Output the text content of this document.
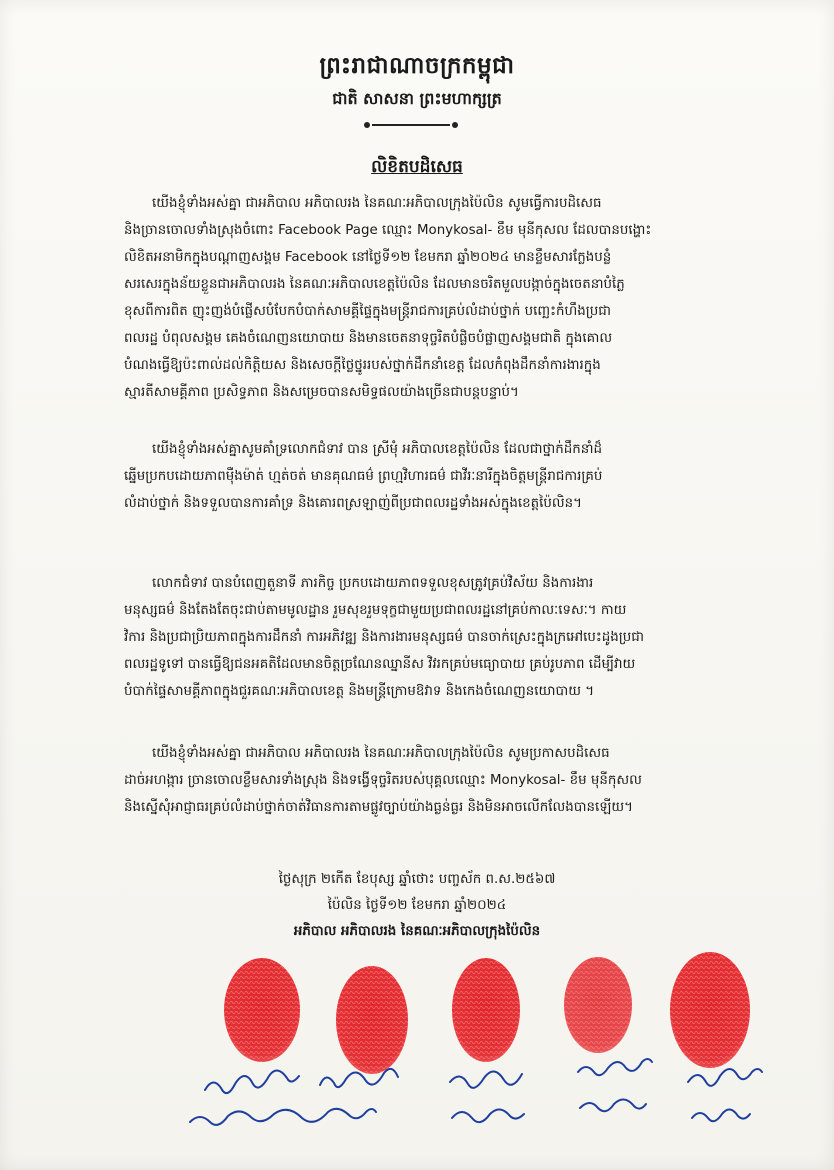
ព្រះរាជាណាចក្រកម្ពុជា
ជាតិ សាសនា ព្រះមហាក្សត្រ
លិខិតបដិសេធ
យើងខ្ញុំទាំងអស់គ្នា ជាអភិបាល អភិបាលរង នៃគណៈអភិបាលក្រុងប៉ៃលិន សូមធ្វើការបដិសេធ
និងច្រានចោលទាំងស្រុងចំពោះ Facebook Page ឈ្មោះ Monykosal- ខឹម មុនីកុសល ដែលបានបង្ហោះ
លិខិតអនាមិកក្នុងបណ្តាញសង្គម Facebook នៅថ្ងៃទី១២ ខែមករា ឆ្នាំ២០២៤ មានខ្លឹមសារក្លែងបន្លំ
សរសេរក្នុងន័យខ្លួនជាអភិបាលរង នៃគណៈអភិបាលខេត្តប៉ៃលិន ដែលមានចរិតមួលបង្កាច់ក្នុងចេតនាបំភ្លៃ
ខុសពីការពិត ញុះញង់បំផ្លើសបំបែកបំបាក់សាមគ្គីផ្ទៃក្នុងមន្ត្រីរាជការគ្រប់លំដាប់ថ្នាក់ បញ្ឆេះកំហឹងប្រជា
ពលរដ្ឋ បំពុលសង្គម គេងចំណេញនយោបាយ និងមានចេតនាទុច្ចរិតបំផ្លិចបំផ្លាញសង្គមជាតិ ក្នុងគោល
បំណងធ្វើឱ្យប៉ះពាល់ដល់កិត្តិយស និងសេចក្តីថ្លៃថ្នូររបស់ថ្នាក់ដឹកនាំខេត្ត ដែលកំពុងដឹកនាំការងារក្នុង
ស្មារតីសាមគ្គីភាព ប្រសិទ្ធភាព និងសម្រេចបានសមិទ្ធផលយ៉ាងច្រើនជាបន្តបន្ទាប់។
យើងខ្ញុំទាំងអស់គ្នាសូមគាំទ្រលោកជំទាវ បាន ស្រីមុំ អភិបាលខេត្តប៉ៃលិន ដែលជាថ្នាក់ដឹកនាំដ៏
ឆ្នើមប្រកបដោយភាពម៉ឺងម៉ាត់ ហ្មត់ចត់ មានគុណធម៌ ព្រហ្មវិហារធម៌ ជាវីរៈនារីក្នុងចិត្តមន្ត្រីរាជការគ្រប់
លំដាប់ថ្នាក់ និងទទួលបានការគាំទ្រ និងគោរពស្រឡាញ់ពីប្រជាពលរដ្ឋទាំងអស់ក្នុងខេត្តប៉ៃលិន។
លោកជំទាវ បានបំពេញតួនាទី ភារកិច្ច ប្រកបដោយភាពទទួលខុសត្រូវគ្រប់វិស័យ និងការងារ
មនុស្សធម៌ និងតែងតែចុះជាប់តាមមូលដ្ឋាន រួមសុខរួមទុក្ខជាមួយប្រជាពលរដ្ឋនៅគ្រប់កាលៈទេសៈ។ កាយ
វិការ និងប្រជាប្រិយភាពក្នុងការដឹកនាំ ការអភិវឌ្ឍ និងការងារមនុស្សធម៌ បានចាក់ស្រេះក្នុងក្រអៅបេះដូងប្រជា
ពលរដ្ឋទូទៅ បានធ្វើឱ្យជនអគតិដែលមានចិត្តច្រណែនឈ្នានីស វិវរកគ្រប់មធ្យោបាយ គ្រប់រូបភាព ដើម្បីវាយ
បំបាក់ផ្ទៃសាមគ្គីភាពក្នុងជួរគណៈអភិបាលខេត្ត និងមន្ត្រីក្រោមឱវាទ និងកេងចំណេញនយោបាយ ។
យើងខ្ញុំទាំងអស់គ្នា ជាអភិបាល អភិបាលរង នៃគណៈអភិបាលក្រុងប៉ៃលិន សូមប្រកាសបដិសេធ
ដាច់អហង្ការ ច្រានចោលខ្លឹមសារទាំងស្រុង និងទង្វើទុច្ចរិតរបស់បុគ្គលឈ្មោះ Monykosal- ខឹម មុនីកុសល
និងស្នើសុំអាជ្ញាធរគ្រប់លំដាប់ថ្នាក់ចាត់វិធានការតាមផ្លូវច្បាប់យ៉ាងធ្ងន់ធ្ងរ និងមិនអាចលើកលែងបានឡើយ។
ថ្ងៃសុក្រ ២កើត ខែបុស្ស ឆ្នាំថោះ បញ្ចស័ក ព.ស.២៥៦៧
ប៉ៃលិន ថ្ងៃទី១២ ខែមករា ឆ្នាំ២០២៤
អភិបាល អភិបាលរង នៃគណៈអភិបាលក្រុងប៉ៃលិន
